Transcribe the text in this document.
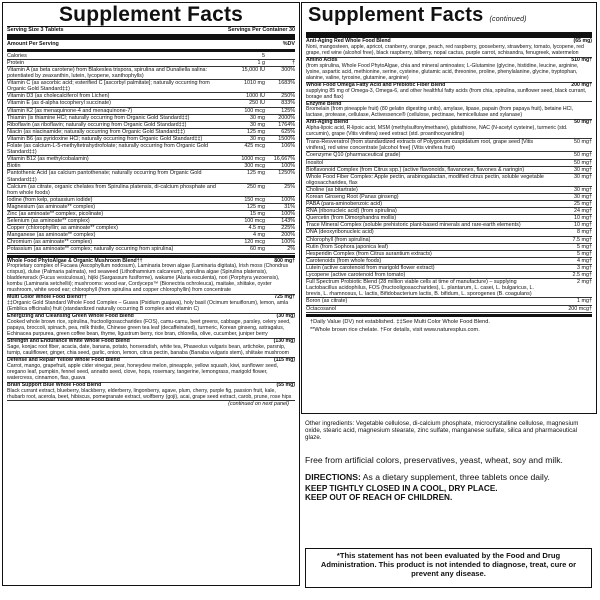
Supplement Facts
Serving Size 3 Tablets	Servings Per Container 30
Amount Per Serving	%DV
Calories	5
Protein	1 g	†
Vitamin A (as beta carotene) from Blakeslea trispora, spirulina and Dunaliella salina: potentiated by zeaxanthin, lutein, lycopene, xanthophylls)
15,000 IU	300%
Vitamin C (as ascorbic acid; esterified C [ascorbyl palmitate]; naturally occurring from Organic Gold Standard‡‡)
1010 mg	1683%
Vitamin D3 (as cholecalciferol from Lichen)	1000 IU	250%
Vitamin E (as d-alpha tocopheryl succinate)	250 IU	833%
Vitamin K2 (as menaquinone-4 and menaquinone-7)	100 mcg	125%
Thiamin (is thiamine HCl; naturally occurring from Organic Gold Standard‡‡)	30 mg	2000%
Riboflavin (as riboflavin; naturally occurring from Organic Gold Standard‡‡)	30 mg	1764%
Niacin (as niacinamide; naturally occurring from Organic Gold Standard‡‡)	125 mg	625%
Vitamin B6 (as pyridoxine HCl; naturally occurring from Organic Gold Standard‡‡)	30 mg	1500%
Folate (as calcium-L-5-methyltetrahydrofolate; naturally occurring from Organic Gold Standard‡‡)
425 mcg	106%
Vitamin B12 (as methylcobalamin)	1000 mcg	16,667%
Biotin	300 mcg	100%
Pantothenic Acid (as calcium pantothenate; naturally occurring from Organic Gold Standard‡‡)
125 mg	1250%
Calcium (as citrate, organic chelates from Spirulina platensis, di-calcium phosphate and from whole foods)
250 mg	25%
Iodine (from kelp, potassium iodide)	150 mcg	100%
Magnesium (as aminoate** complex)	125 mg	31%
Zinc (as aminoate** complex, picolinate)	15 mg	100%
Selenium (as aminoate** complex)	100 mcg	143%
Copper (chlorophyllin; as aminoate** complex)	4.5 mg	225%
Manganese (as aminoate** complex)	4 mg	200%
Chromium (as aminoate** complex)	120 mcg	100%
Potassium (as aminoate** complex; naturally occurring from spirulina)	60 mg	2%
Whole Food PhytoAlgae & Organic Mushroom Blend††	800 mg†
Proprietary complex of Fucaea (Ascophyllum nodosum), Laminaria brown algae (Laminaria digitata), Irish moss (Chondrus crispus), dulse (Palmaria palmata), red seaweed (Lithothamnium calcareum), spirulina algae (Spirulina platensis), bladderwrack (Fucus vesiculosus), hijiki (Sargassum fusiforme), wakame (Alaria esculenta), nori (Porphyra yezoensis), kombu (Laminaria setchellii); mushrooms: wood ear, Cordyceps™ (Bionectria ochroleuca), maitake, shiitake, oyster mushroom, white wood ear; chlorophyll (from spirulina and copper chlorophyllin) from concentrate
Multi Color Whole Food Blend††	725 mg†
‡‡Organic Gold Standard Whole Food Complex – Guava (Psidium guajava), holy basil (Ocimum tenuiflorum), lemon, amla (Emblica officinalis) fruit (standardized naturally occurring B complex and vitamin C)
Energizing and Cleansing Green Whole Food Blend	(30 mg)
Cooked whole brown rice, spirulina, fructooligosaccharides (FOS), camu-camu, beet greens, cabbage, parsley, celery seed, papaya, broccoli, spinach, pea, milk thistle, Chinese green tea leaf (decaffeinated), turmeric, Korean ginseng, astragalus, Echinacea purpurea, green coffee bean, thyme, ligustrum berry, rice bran, chlorella, olive, cucumber, juniper berry
Strength and Endurance White Whole Food Blend	(130 mg)
Sage, konjac root fiber, acacia, date, banana, potato, horseradish, white tea, Phaseolus vulgaris bean, artichoke, parsnip, turnip, cauliflower, ginger, chia seed, garlic, onion, lemon, citrus pectin, banaba (Banaba vulgaris stem), shiitake mushroom
Defense and Repair Yellow Whole Food Blend	(115 mg)
Carrot, mango, grapefruit, apple cider vinegar, pear, honeydew melon, pineapple, yellow squash, kiwi, sunflower seed, oregano leaf, pumpkin, fennel seed, annatto seed, clove, hops, rosemary, tangerine, lemongrass, marigold flower, watercress, cinnamon, flax, guava
Brain Support Blue Whole Food Blend	(55 mg)
Black currant extract, blueberry, blackberry, elderberry, lingonberry, agave, plum, cherry, purple fig, passion fruit, kale, rhubarb root, acerola, beet, hibiscus, pomegranate extract, wolfberry (goji), acai, grape seed extract, carob, prune, rose hips
(continued on next panel)
Supplement Facts (continued)
Anti-Aging Red Whole Food Blend	(65 mg)
Noni, mangosteen, apple, apricot, cranberry, orange, peach, red raspberry, gooseberry, strawberry, tomato, lycopene, red grape, red wine (alcohol free), black raspberry, bilberry, nopal cactus, purple carrot, schisandra, fenugreek, watermelon
Amino Acids	510 mg†
(from spirulina, Whole Food PhytoAlgae, chia and mineral aminoates; L-Glutamine (glycine, histidine, leucine, arginine, lysine, aspartic acid, methionine, serine, cysteine, glutamic acid, threonine, proline, phenylalanine, glycine, tryptophan, alanine, valine, tyrosine, glutamine, arginine)
Whole Food Omega Fatty Acid and Prebiotic Fiber Blend	200 mg†
supplying 85 mg of Omega-3, Omega-6, and other healthful fatty acids (from chia, spirulina, sunflower seed, black currant, borage and flax)
Enzyme Blend
Bromelain (from pineapple fruit) (80 gelatin digesting units), amylase, lipase, papain (from papaya fruit), betaine HCl, lactase, protease, cellulase, Activessence® (cellulose, pectinase, hemicellulase and xylanase)
Anti-Aging Blend	50 mg†
Alpha-lipoic acid, R-lipoic acid, MSM (methylsulfonylmethane), glutathione, NAC (N-acetyl cysteine), turmeric (std. curcumin), grape (Vitis vinifera) seed extract (std. proanthocyanidins)
Trans-Resveratrol (from standardized extracts of Polygonum cuspidatum root, grape seed [Vitis vinifera], red wine concentrate [alcohol free] (Vitis vinifera fruit)
50 mg†
Coenzyme Q10 (pharmaceutical grade)	50 mg†
Inositol	50 mg†
Bioflavonoid Complex (from Citrus spp.) (active flavonoids, flavanones, flavones & naringin)	30 mg†
Whole Food Fiber Complex: Apple pectin, arabinogalactan, modified citrus pectin, soluble vegetable oligosaccharides, flax
30 mg†
Choline (as bitartrate)	30 mg†
Korean Ginseng Root (Panax ginseng)	30 mg†
PABA (para-aminobenzoic acid)	25 mg†
RNA (ribonucleic acid) (from spirulina)	24 mg†
Quercetin (from Dimorphandra mollis)	10 mg†
Trace Mineral Complex (soluble prehistoric plant-based minerals and rare-earth elements)	10 mg†
DNA (deoxyribonucleic acid)	8 mg†
Chlorophyll (from spirulina)	7.5 mg†
Rutin (from Sophora japonica leaf)	5 mg†
Hesperidin Complex (from Citrus aurantium extracts)	5 mg†
Carotenoids (from whole foods)	4 mg†
Lutein (active carotenoid from marigold flower extract)	3 mg†
Lycopene (active carotenoid from tomato)	2.5 mg†
Full Spectrum Probiotic Blend (28 million viable cells at time of manufacture) – supplying Lactobacillus acidophilus, FOS (fructooligosaccharides), L. plantarum, L. casei, L. bulgaricus, L. brevis, L. rhamnosus, L. lactis, Bifidobacterium lactis, B. bifidum, L. sporogenes (B. coagulans)
2 mg†
Boron (as citrate)	1 mg†
Octacosanol	200 mcg†
†Daily Value (DV) not established. ‡‡See Multi Color Whole Food Blend.
**Whole brown rice chelate. †For details, visit www.naturesplus.com.
Other ingredients: Vegetable cellulose, di-calcium phosphate, microcrystalline cellulose, magnesium oxide, stearic acid, magnesium stearate, zinc sulfate, manganese sulfate, silica and pharmaceutical glaze.
Free from artificial colors, preservatives, yeast, wheat, soy and milk.
DIRECTIONS: As a dietary supplement, three tablets once daily.
KEEP TIGHTLY CLOSED IN A COOL, DRY PLACE.
KEEP OUT OF REACH OF CHILDREN.
*This statement has not been evaluated by the Food and Drug Administration. This product is not intended to diagnose, treat, cure or prevent any disease.
